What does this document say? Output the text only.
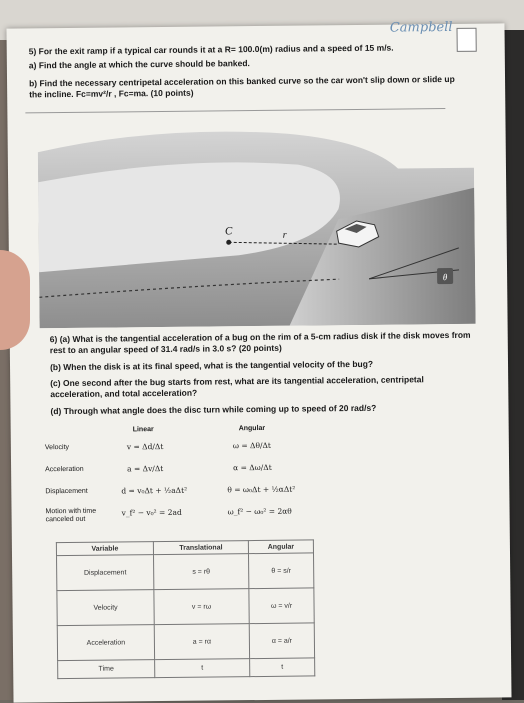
Campbell
5) For the exit ramp if a typical car rounds it at a R= 100.0(m) radius and a speed of 15 m/s.
a) Find the angle at which the curve should be banked.
b) Find the necessary centripetal acceleration on this banked curve so the car won't slip down or slide up
the incline. Fc=mv²/r , Fc=ma. (10 points)
C	r
θ
6) (a) What is the tangential acceleration of a bug on the rim of a 5-cm radius disk if the disk moves from
rest to an angular speed of 31.4 rad/s in 3.0 s? (20 points)
(b) When the disk is at its final speed, what is the tangential velocity of the bug?
(c) One second after the bug starts from rest, what are its tangential acceleration, centripetal
acceleration, and total acceleration?
(d) Through what angle does the disc turn while coming up to speed of 20 rad/s?
Linear	Angular
Velocity	v = Δd/Δt	ω = Δθ/Δt
Acceleration	a = Δv/Δt	α = Δω/Δt
Displacement	d = v₀Δt + ½aΔt²	θ = ω₀Δt + ½αΔt²
Motion with time
canceled out
v_f² − v₀² = 2ad	ω_f² − ω₀² = 2αθ
Variable	Translational	Angular
Displacement	s = rθ	θ = s/r
Velocity	v = rω	ω = v/r
Acceleration	a = rα	α = a/r
Time	t	t
